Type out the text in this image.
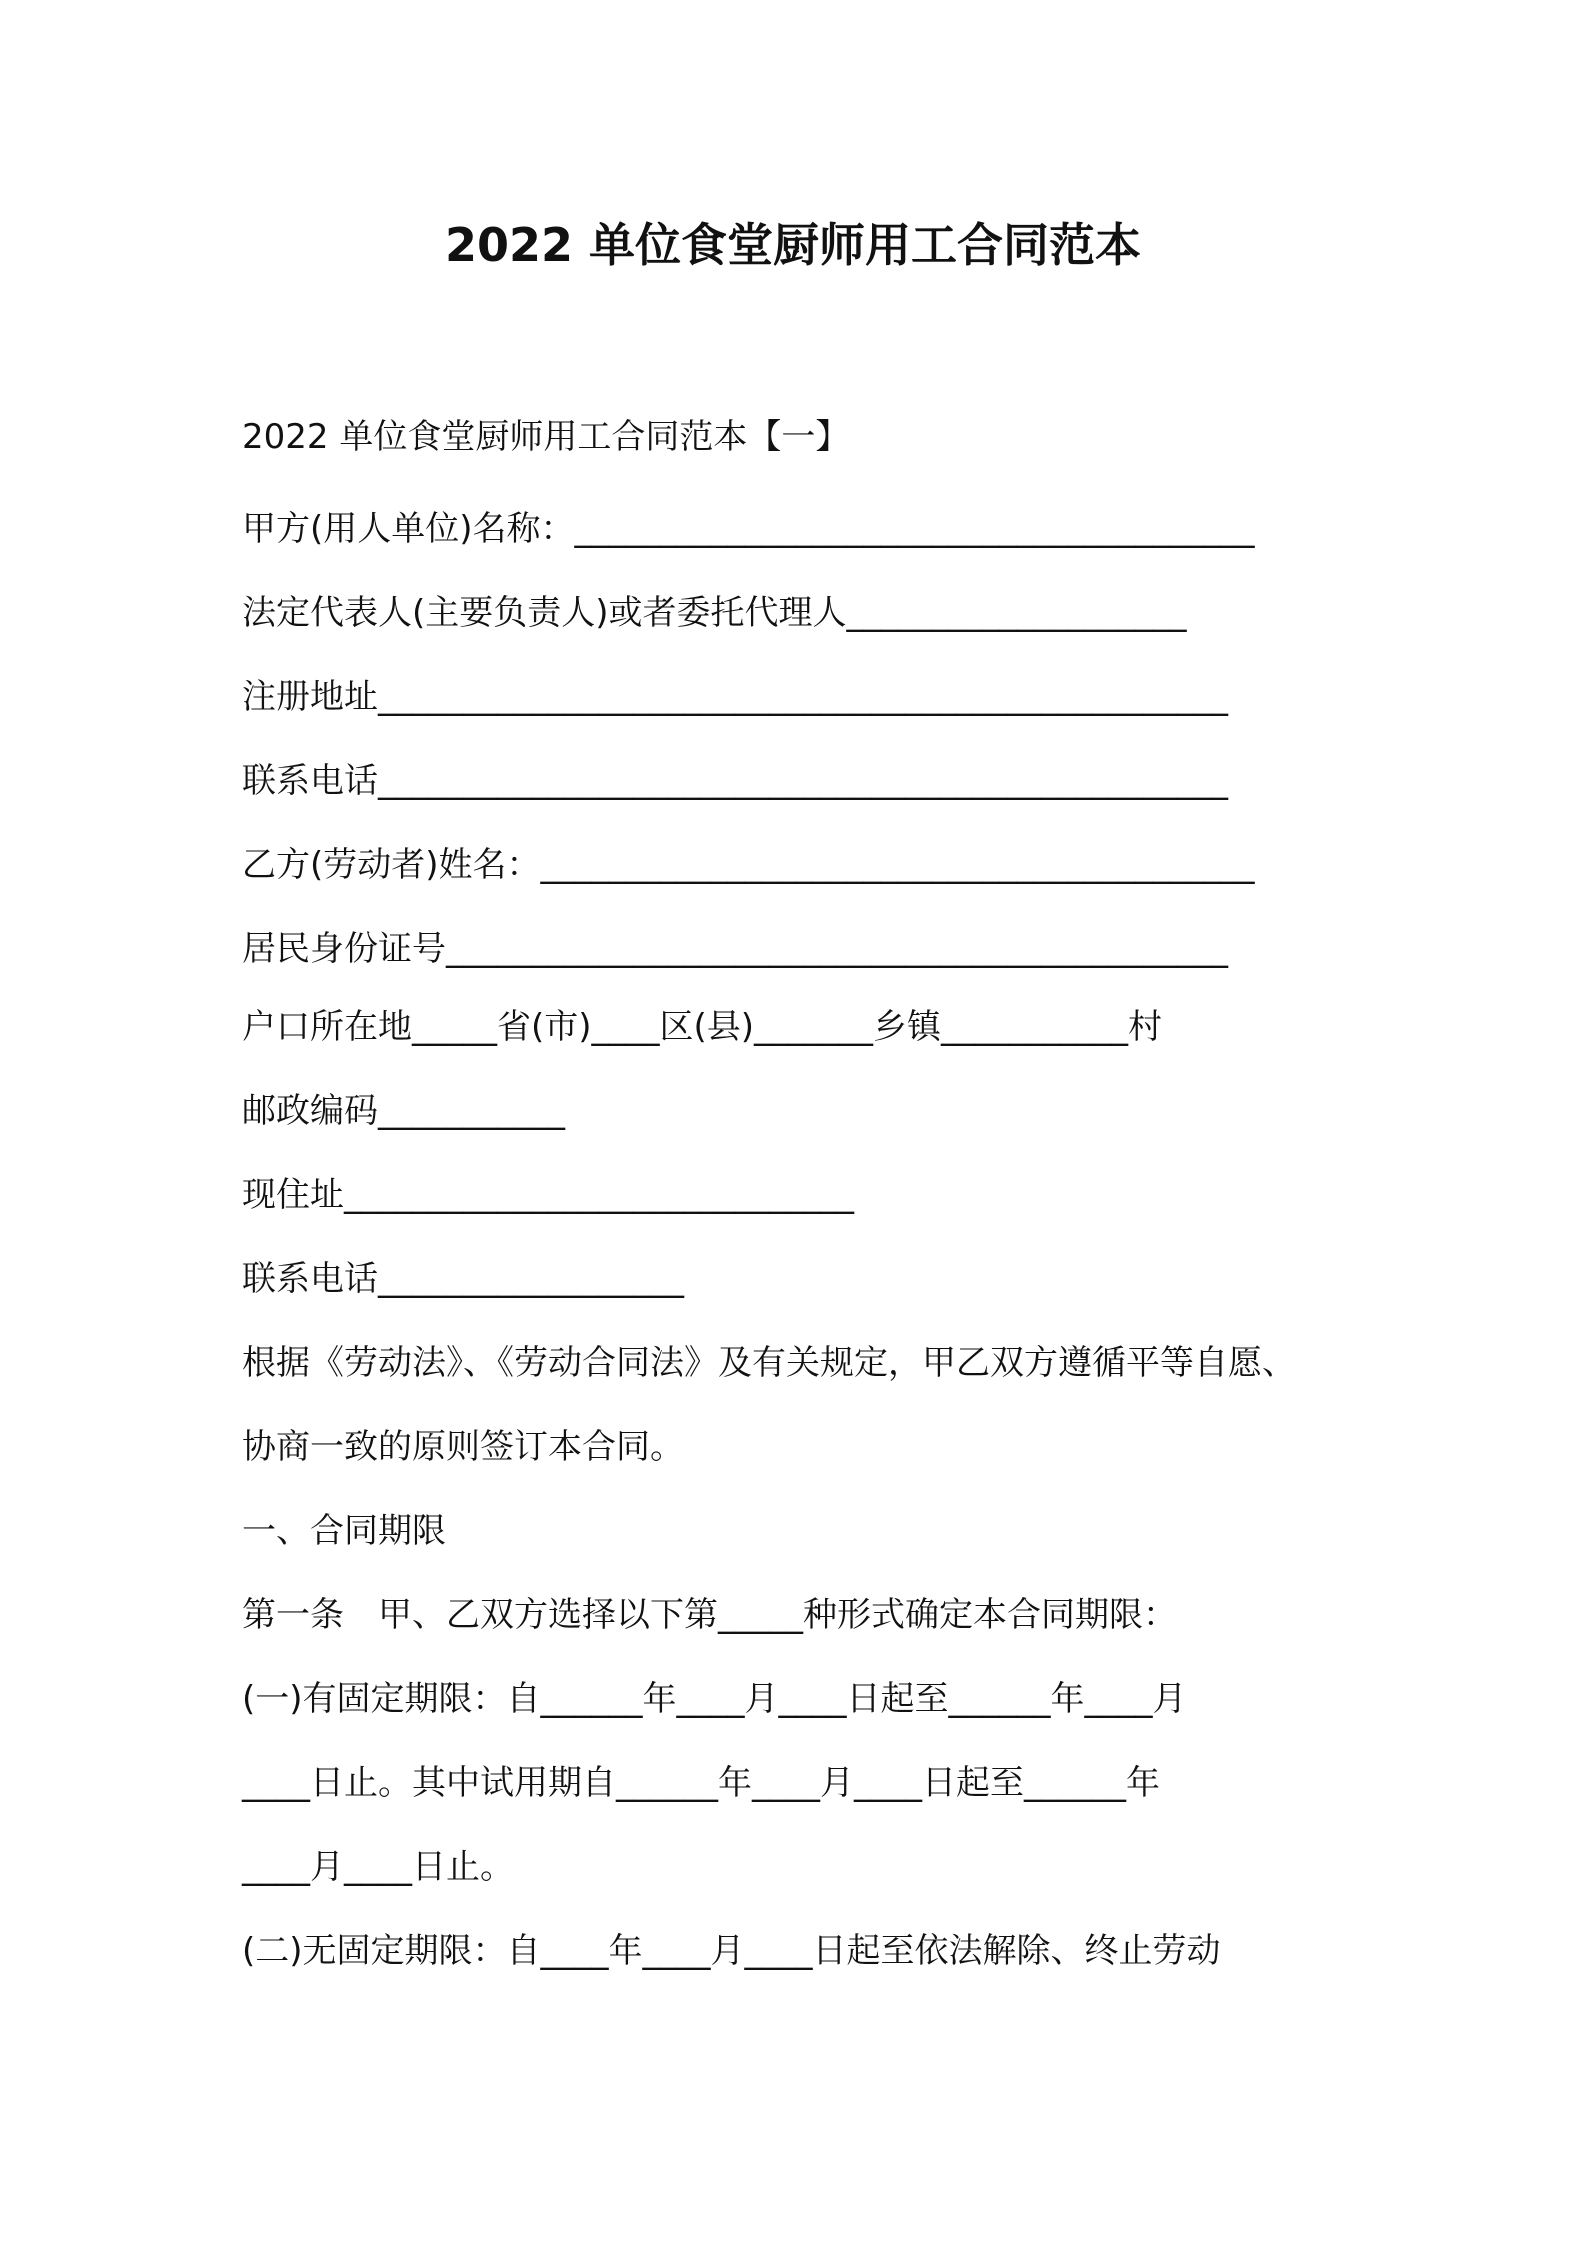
2022 单位食堂厨师用工合同范本

2022 单位食堂厨师用工合同范本【一】

甲方(用人单位)名称：________________________________________

法定代表人(主要负责人)或者委托代理人____________________

注册地址__________________________________________________

联系电话__________________________________________________

乙方(劳动者)姓名：__________________________________________

居民身份证号______________________________________________

户口所在地_____省(市)____区(县)_______乡镇___________村

邮政编码___________

现住址______________________________

联系电话__________________

根据《劳动法》、《劳动合同法》及有关规定，甲乙双方遵循平等自愿、

协商一致的原则签订本合同。

一、合同期限

第一条　甲、乙双方选择以下第_____种形式确定本合同期限：

(一)有固定期限：自______年____月____日起至______年____月

____日止。其中试用期自______年____月____日起至______年

____月____日止。

(二)无固定期限：自____年____月____日起至依法解除、终止劳动
